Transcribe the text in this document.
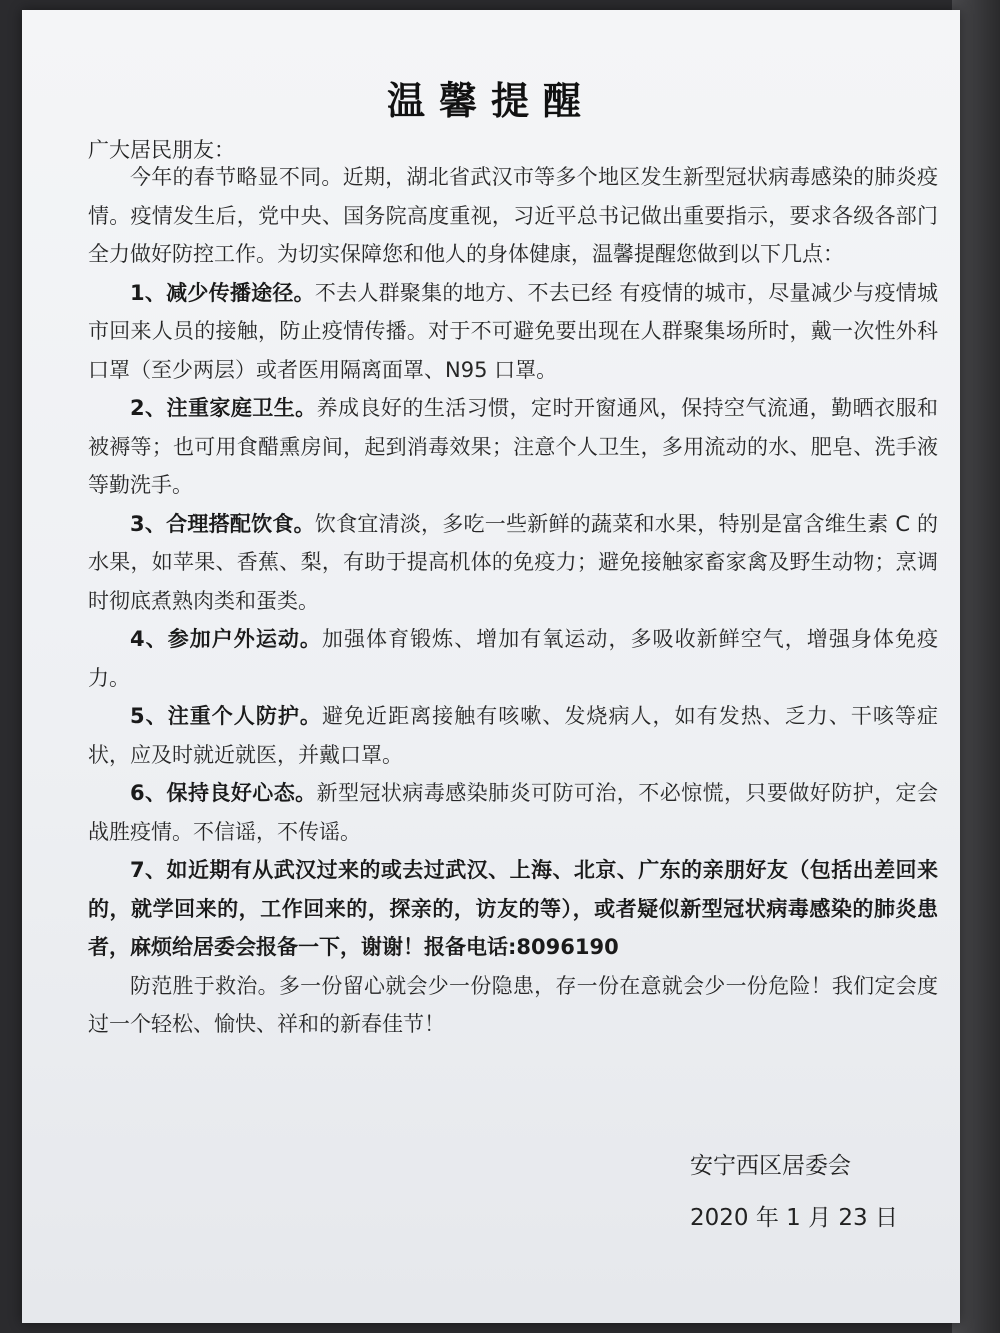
温馨提醒
广大居民朋友：

今年的春节略显不同。近期，湖北省武汉市等多个地区发生新型冠状病毒感染的肺炎疫情。疫情发生后，党中央、国务院高度重视，习近平总书记做出重要指示，要求各级各部门全力做好防控工作。为切实保障您和他人的身体健康，温馨提醒您做到以下几点：

1、减少传播途径。不去人群聚集的地方、不去已经 有疫情的城市，尽量减少与疫情城市回来人员的接触，防止疫情传播。对于不可避免要出现在人群聚集场所时，戴一次性外科口罩（至少两层）或者医用隔离面罩、N95 口罩。

2、注重家庭卫生。养成良好的生活习惯，定时开窗通风，保持空气流通，勤晒衣服和被褥等；也可用食醋熏房间，起到消毒效果；注意个人卫生，多用流动的水、肥皂、洗手液等勤洗手。

3、合理搭配饮食。饮食宜清淡，多吃一些新鲜的蔬菜和水果，特别是富含维生素 C 的水果，如苹果、香蕉、梨，有助于提高机体的免疫力；避免接触家畜家禽及野生动物；烹调时彻底煮熟肉类和蛋类。

4、参加户外运动。加强体育锻炼、增加有氧运动，多吸收新鲜空气，增强身体免疫力。

5、注重个人防护。避免近距离接触有咳嗽、发烧病人，如有发热、乏力、干咳等症状，应及时就近就医，并戴口罩。

6、保持良好心态。新型冠状病毒感染肺炎可防可治，不必惊慌，只要做好防护，定会战胜疫情。不信谣，不传谣。

7、如近期有从武汉过来的或去过武汉、上海、北京、广东的亲朋好友（包括出差回来的，就学回来的，工作回来的，探亲的，访友的等），或者疑似新型冠状病毒感染的肺炎患者，麻烦给居委会报备一下，谢谢！报备电话:8096190

防范胜于救治。多一份留心就会少一份隐患，存一份在意就会少一份危险！我们定会度过一个轻松、愉快、祥和的新春佳节！

安宁西区居委会
2020 年 1 月 23 日
